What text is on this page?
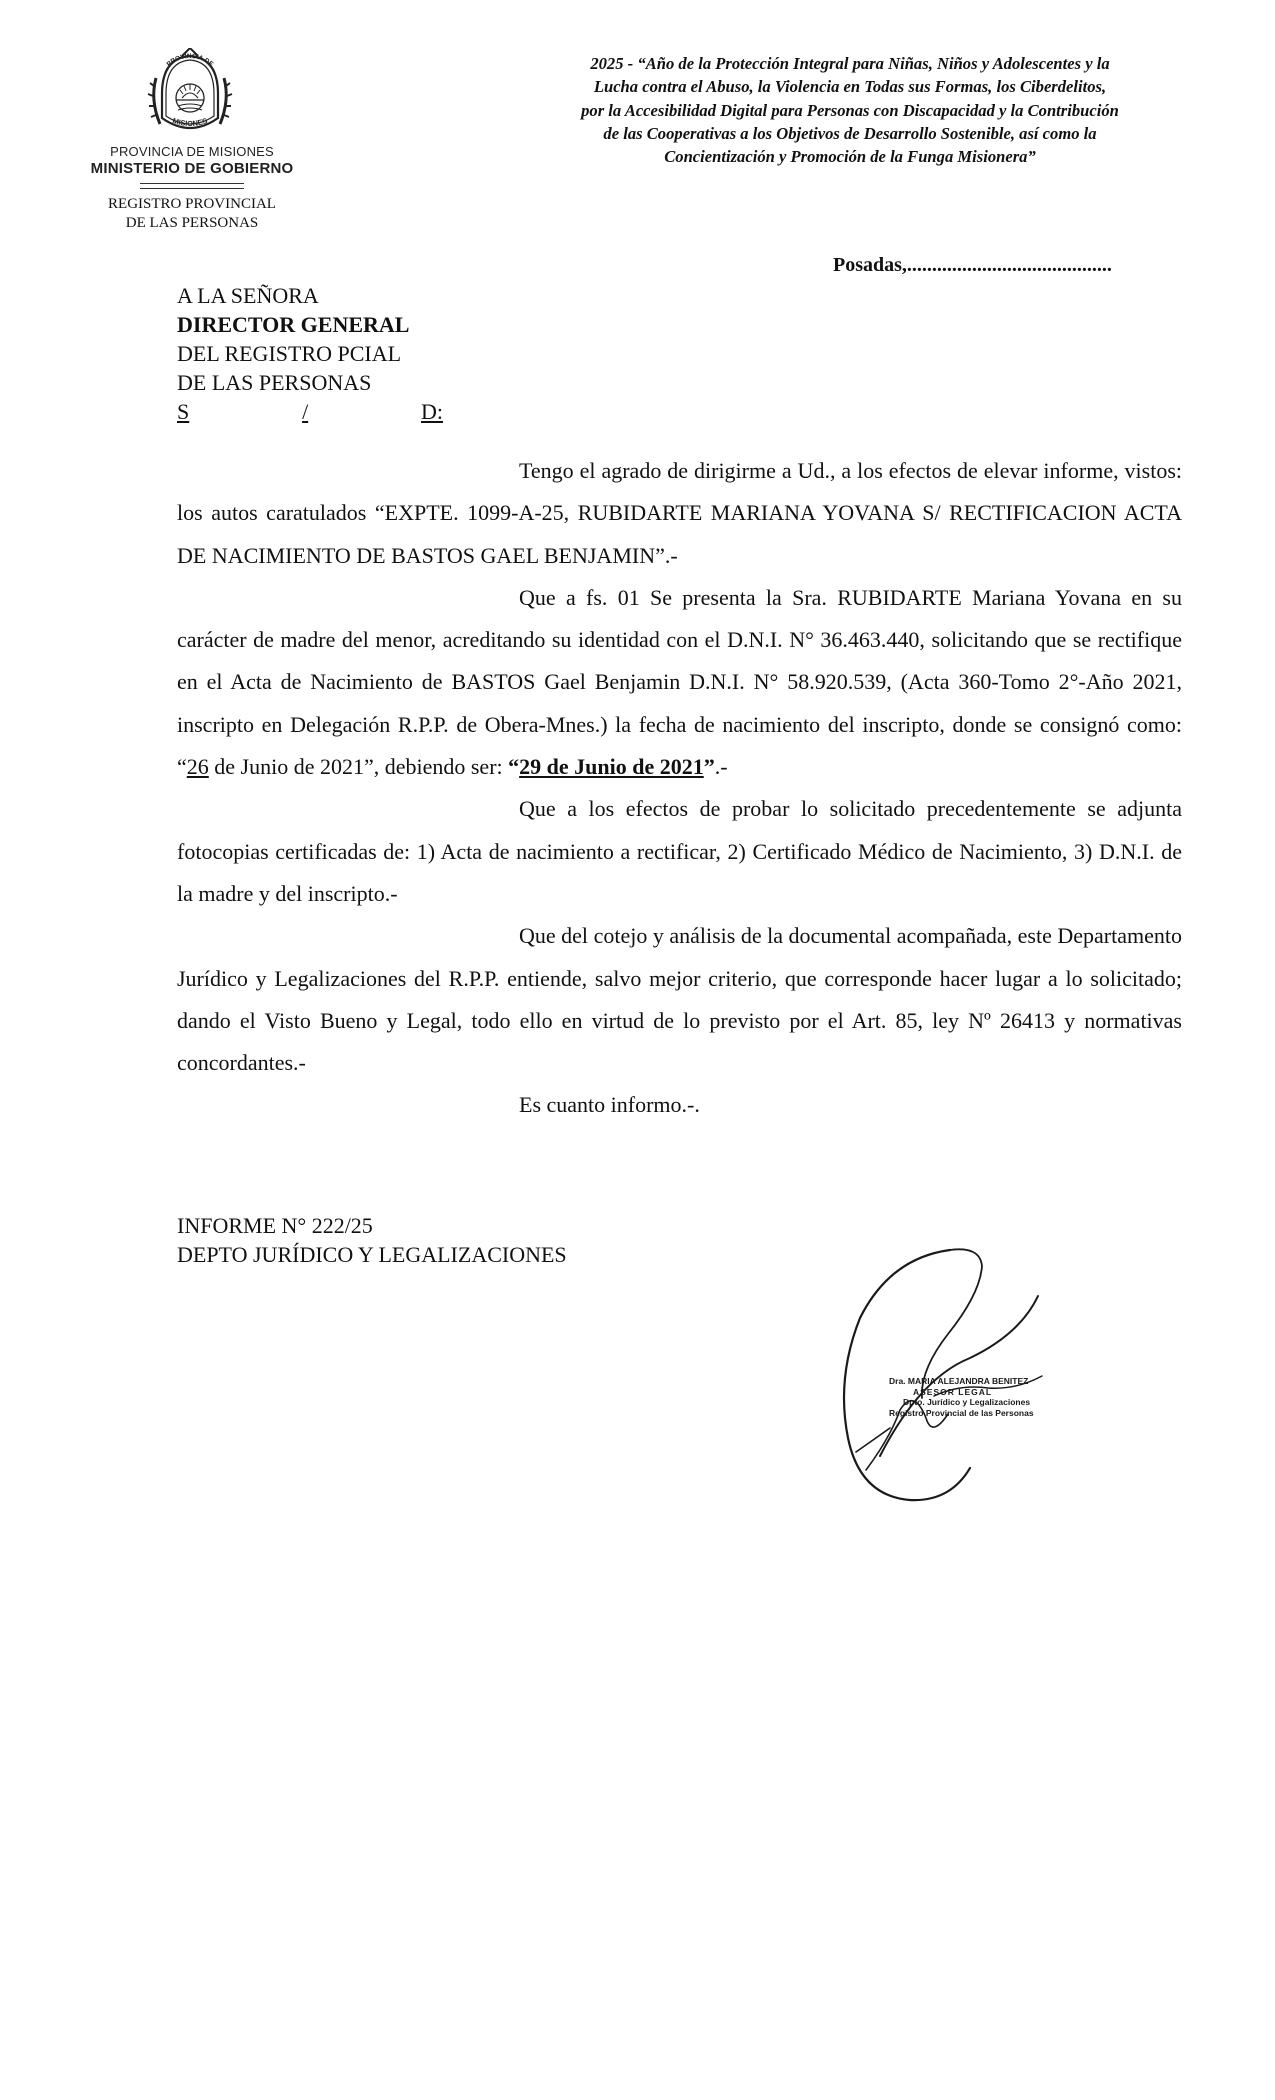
PROVINCIA DE
MISIONES
PROVINCIA DE MISIONES
MINISTERIO DE GOBIERNO
REGISTRO PROVINCIAL
DE LAS PERSONAS
2025 - “Año de la Protección Integral para Niñas, Niños y Adolescentes y la
Lucha contra el Abuso, la Violencia en Todas sus Formas, los Ciberdelitos,
por la Accesibilidad Digital para Personas con Discapacidad y la Contribución
de las Cooperativas a los Objetivos de Desarrollo Sostenible, así como la
Concientización y Promoción de la Funga Misionera”
Posadas,.........................................
A LA SEÑORA
DIRECTOR GENERAL
DEL REGISTRO PCIAL
DE LAS PERSONAS
S	/	D:

Tengo el agrado de dirigirme a Ud., a los efectos de elevar informe, vistos: los autos caratulados “EXPTE. 1099-A-25, RUBIDARTE MARIANA YOVANA S/ RECTIFICACION ACTA DE NACIMIENTO DE BASTOS GAEL BENJAMIN”.-

Que a fs. 01 Se presenta la Sra. RUBIDARTE Mariana Yovana en su carácter de madre del menor, acreditando su identidad con el D.N.I. N° 36.463.440, solicitando que se rectifique en el Acta de Nacimiento de BASTOS Gael Benjamin D.N.I. N° 58.920.539, (Acta 360-Tomo 2°-Año 2021, inscripto en Delegación R.P.P. de Obera-Mnes.) la fecha de nacimiento del inscripto, donde se consignó como: “26 de Junio de 2021”, debiendo ser: “29 de Junio de 2021”.-

Que a los efectos de probar lo solicitado precedentemente se adjunta fotocopias certificadas de: 1) Acta de nacimiento a rectificar, 2) Certificado Médico de Nacimiento, 3) D.N.I. de la madre y del inscripto.-

Que del cotejo y análisis de la documental acompañada, este Departamento Jurídico y Legalizaciones del R.P.P. entiende, salvo mejor criterio, que corresponde hacer lugar a lo solicitado; dando el Visto Bueno y Legal, todo ello en virtud de lo previsto por el Art. 85, ley Nº 26413 y normativas concordantes.-

Es cuanto informo.-.

INFORME N° 222/25
DEPTO JURÍDICO Y LEGALIZACIONES
Dra. MARIA ALEJANDRA BENITEZ
ASESOR LEGAL
Dpto. Jurídico y Legalizaciones
Registro Provincial de las Personas
